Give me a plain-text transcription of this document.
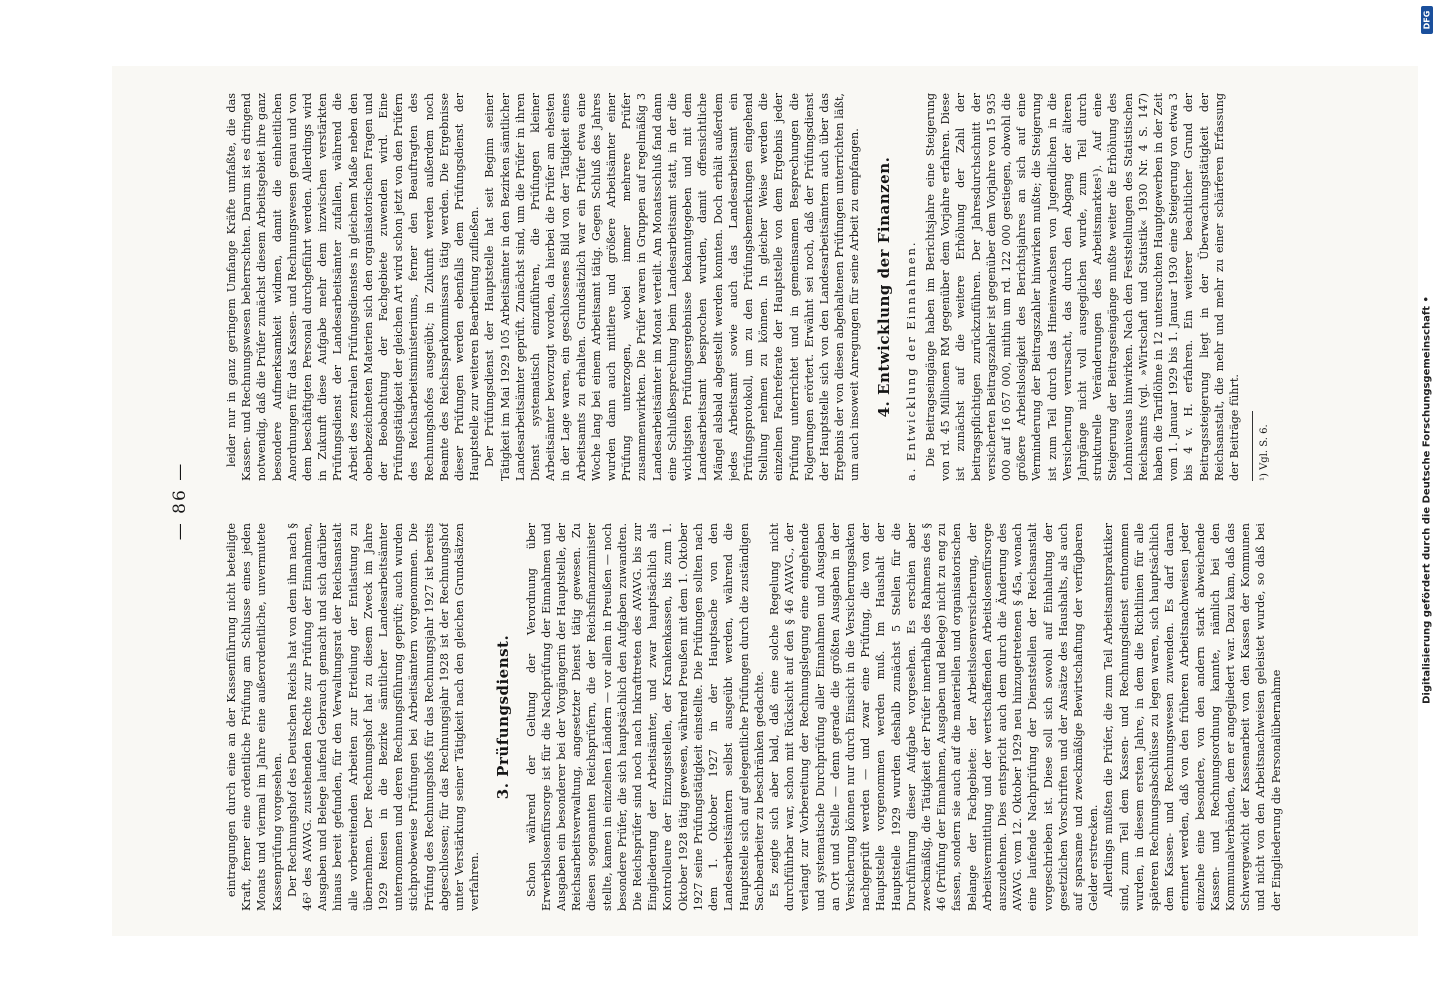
— 86 —

eintragungen durch eine an der Kassenführung nicht beteiligte Kraft, ferner eine ordentliche Prüfung am Schlusse eines jeden Monats und viermal im Jahre eine außerordentliche, unvermutete Kassenprüfung vorgesehen. Der Rechnungshof des Deutschen Reichs hat von dem ihm nach § 46³ des AVAVG. zustehenden Rechte zur Prüfung der Einnahmen, Ausgaben und Belege laufend Gebrauch gemacht und sich darüber hinaus bereit gefunden, für den Verwaltungsrat der Reichsanstalt alle vorbereitenden Arbeiten zur Erteilung der Entlastung zu übernehmen. Der Rechnungshof hat zu diesem Zweck im Jahre 1929 Reisen in die Bezirke sämtlicher Landesarbeitsämter unternommen und deren Rechnungsführung geprüft; auch wurden stichprobeweise Prüfungen bei Arbeitsämtern vorgenommen. Die Prüfung des Rechnungshofs für das Rechnungsjahr 1927 ist bereits abgeschlossen; für das Rechnungsjahr 1928 ist der Rechnungshof unter Verstärkung seiner Tätigkeit nach den gleichen Grundsätzen verfahren.

3. Prüfungsdienst. Schon während der Geltung der Verordnung über Erwerbslosenfürsorge ist für die Nachprüfung der Einnahmen und Ausgaben ein besonderer bei der Vorgängerin der Hauptstelle, der Reichsarbeitsverwaltung, angesetzter Dienst tätig gewesen. Zu diesen sogenannten Reichsprüfern, die der Reichsfinanzminister stellte, kamen in einzelnen Ländern — vor allem in Preußen — noch besondere Prüfer, die sich hauptsächlich den Aufgaben zuwandten. Die Reichsprüfer sind noch nach Inkrafttreten des AVAVG. bis zur Eingliederung der Arbeitsämter, und zwar hauptsächlich als Kontrolleure der Einzugsstellen, der Krankenkassen, bis zum 1. Oktober 1928 tätig gewesen, während Preußen mit dem 1. Oktober 1927 seine Prüfungstätigkeit einstellte. Die Prüfungen sollten nach dem 1. Oktober 1927 in der Hauptsache von den Landesarbeitsämtern selbst ausgeübt werden, während die Hauptstelle sich auf gelegentliche Prüfungen durch die zuständigen Sachbearbeiter zu beschränken gedachte. Es zeigte sich aber bald, daß eine solche Regelung nicht durchführbar war, schon mit Rücksicht auf den § 46 AVAVG., der verlangt zur Vorbereitung der Rechnungslegung eine eingehende und systematische Durchprüfung aller Einnahmen und Ausgaben an Ort und Stelle — denn gerade die größten Ausgaben in der Versicherung können nur durch Einsicht in die Versicherungsakten nachgeprüft werden — und zwar eine Prüfung, die von der Hauptstelle vorgenommen werden muß. Im Haushalt der Hauptstelle 1929 wurden deshalb zunächst 5 Stellen für die Durchführung dieser Aufgabe vorgesehen. Es erschien aber zweckmäßig, die Tätigkeit der Prüfer innerhalb des Rahmens des § 46 (Prüfung der Einnahmen, Ausgaben und Belege) nicht zu eng zu fassen, sondern sie auch auf die materiellen und organisatorischen Belange der Fachgebiete: der Arbeitslosenversicherung, der Arbeitsvermittlung und der wertschaffenden Arbeitslosenfürsorge auszudehnen. Dies entspricht auch dem durch die Änderung des AVAVG. vom 12. Oktober 1929 neu hinzugetretenen § 45a, wonach eine laufende Nachprüfung der Dienststellen der Reichsanstalt vorgeschrieben ist. Diese soll sich sowohl auf Einhaltung der gesetzlichen Vorschriften und der Ansätze des Haushalts, als auch auf sparsame und zweckmäßige Bewirtschaftung der verfügbaren Gelder erstrecken. Allerdings mußten die Prüfer, die zum Teil Arbeitsamtspraktiker sind, zum Teil dem Kassen- und Rechnungsdienst entnommen wurden, in diesem ersten Jahre, in dem die Richtlinien für alle späteren Rechnungsabschlüsse zu legen waren, sich hauptsächlich dem Kassen- und Rechnungswesen zuwenden. Es darf daran erinnert werden, daß von den früheren Arbeitsnachweisen jeder einzelne eine besondere, von den andern stark abweichende Kassen- und Rechnungsordnung kannte, nämlich bei den Kommunalverbänden, dem er angegliedert war. Dazu kam, daß das Schwergewicht der Kassenarbeit von den Kassen der Kommunen und nicht von den Arbeitsnachweisen geleistet wurde, so daß bei der Eingliederung die Personalübernahme

leider nur in ganz geringem Umfange Kräfte umfaßte, die das Kassen- und Rechnungswesen beherrschten. Darum ist es dringend notwendig, daß die Prüfer zunächst diesem Arbeitsgebiet ihre ganz besondere Aufmerksamkeit widmen, damit die einheitlichen Anordnungen für das Kassen- und Rechnungswesen genau und von dem beschäftigten Personal durchgeführt werden. Allerdings wird in Zukunft diese Aufgabe mehr dem inzwischen verstärkten Prüfungsdienst der Landesarbeitsämter zufallen, während die Arbeit des zentralen Prüfungsdienstes in gleichem Maße neben den obenbezeichneten Materien sich den organisatorischen Fragen und der Beobachtung der Fachgebiete zuwenden wird. Eine Prüfungstätigkeit der gleichen Art wird schon jetzt von den Prüfern des Reichsarbeitsministeriums, ferner den Beauftragten des Rechnungshofes ausgeübt; in Zukunft werden außerdem noch Beamte des Reichssparkommissars tätig werden. Die Ergebnisse dieser Prüfungen werden ebenfalls dem Prüfungsdienst der Hauptstelle zur weiteren Bearbeitung zufließen. Der Prüfungsdienst der Hauptstelle hat seit Beginn seiner Tätigkeit im Mai 1929 105 Arbeitsämter in den Bezirken sämtlicher Landesarbeitsämter geprüft. Zunächst sind, um die Prüfer in ihren Dienst systematisch einzuführen, die Prüfungen kleiner Arbeitsämter bevorzugt worden, da hierbei die Prüfer am ehesten in der Lage waren, ein geschlossenes Bild von der Tätigkeit eines Arbeitsamts zu erhalten. Grundsätzlich war ein Prüfer etwa eine Woche lang bei einem Arbeitsamt tätig. Gegen Schluß des Jahres wurden dann auch mittlere und größere Arbeitsämter einer Prüfung unterzogen, wobei immer mehrere Prüfer zusammenwirkten. Die Prüfer waren in Gruppen auf regelmäßig 3 Landesarbeitsämter im Monat verteilt. Am Monatsschluß fand dann eine Schlußbesprechung beim Landesarbeitsamt statt, in der die wichtigsten Prüfungsergebnisse bekanntgegeben und mit dem Landesarbeitsamt besprochen wurden, damit offensichtliche Mängel alsbald abgestellt werden konnten. Doch erhält außerdem jedes Arbeitsamt sowie auch das Landesarbeitsamt ein Prüfungsprotokoll, um zu den Prüfungsbemerkungen eingehend Stellung nehmen zu können. In gleicher Weise werden die einzelnen Fachreferate der Hauptstelle von dem Ergebnis jeder Prüfung unterrichtet und in gemeinsamen Besprechungen die Folgerungen erörtert. Erwähnt sei noch, daß der Prüfungsdienst der Hauptstelle sich von den Landesarbeitsämtern auch über das Ergebnis der von diesen abgehaltenen Prüfungen unterrichten läßt, um auch insoweit Anregungen für seine Arbeit zu empfangen. 4. Entwicklung der Finanzen. a. Entwicklung der Einnahmen. Die Beitragseingänge haben im Berichtsjahre eine Steigerung von rd. 45 Millionen RM gegenüber dem Vorjahre erfahren. Diese ist zunächst auf die weitere Erhöhung der Zahl der beitragspflichtigen zurückzuführen. Der Jahresdurchschnitt der versicherten Beitragszahler ist gegenüber dem Vorjahre von 15 935 000 auf 16 057 000, mithin um rd. 122 000 gestiegen, obwohl die größere Arbeitslosigkeit des Berichtsjahres an sich auf eine Verminderung der Beitragszahler hinwirken mußte; die Steigerung ist zum Teil durch das Hineinwachsen von Jugendlichen in die Versicherung verursacht, das durch den Abgang der älteren Jahrgänge nicht voll ausgeglichen wurde, zum Teil durch strukturelle Veränderungen des Arbeitsmarktes¹). Auf eine Steigerung der Beitragseingänge mußte weiter die Erhöhung des Lohnniveaus hinwirken. Nach den Feststellungen des Statistischen Reichsamts (vgl. »Wirtschaft und Statistik« 1930 Nr. 4 S. 147) haben die Tariflöhne in 12 untersuchten Hauptgewerben in der Zeit vom 1. Januar 1929 bis 1. Januar 1930 eine Steigerung von etwa 3 bis 4 v. H. erfahren. Ein weiterer beachtlicher Grund der Beitragssteigerung liegt in der Überwachungstätigkeit der Reichsanstalt, die mehr und mehr zu einer schärferen Erfassung der Beiträge führt. ¹) Vgl. S. 6.	Digitalisierung gefördert durch die Deutsche Forschungsgemeinschaft •
DFG
